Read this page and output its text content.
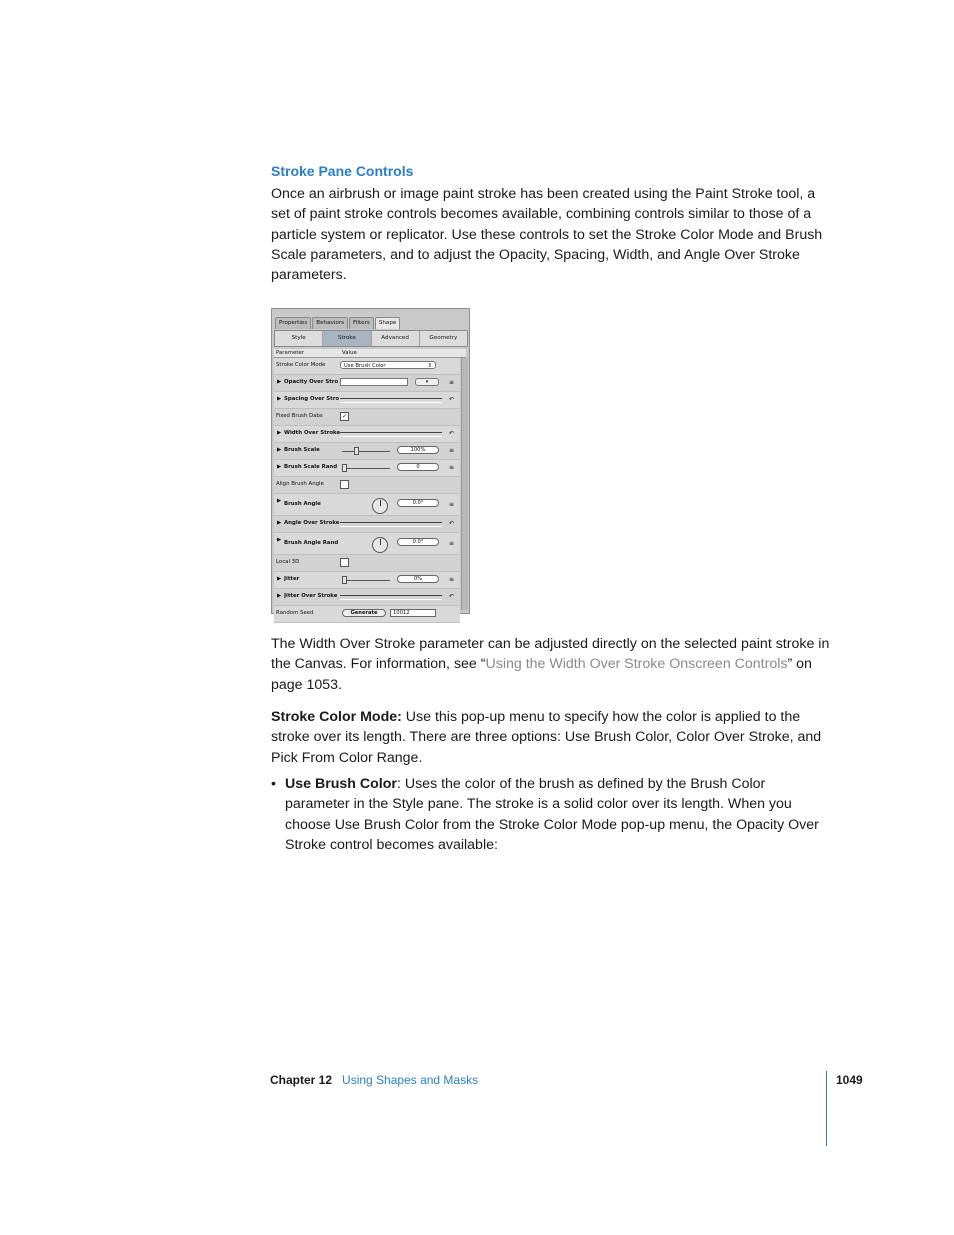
Stroke Pane Controls
Once an airbrush or image paint stroke has been created using the Paint Stroke tool, a set of paint stroke controls becomes available, combining controls similar to those of a particle system or replicator. Use these controls to set the Stroke Color Mode and Brush Scale parameters, and to adjust the Opacity, Spacing, Width, and Angle Over Stroke parameters.
Properties	Behaviors	Filters	Shape
Style	Stroke	Advanced	Geometry
Parameter	Value
Stroke Color Mode	Use Brush Color	⇕
▶ Opacity Over Stro	▾	≡
▶ Spacing Over Stro	↶
Fixed Brush Dabs	✓
▶ Width Over Stroke	↶
▶ Brush Scale	100%	≡
▶ Brush Scale Rand	0	≡
Align Brush Angle
▶ Brush Angle	0.0°	≡
▶ Angle Over Stroke	↶
▶ Brush Angle Rand	0.0°	≡
Local 3D
▶ Jitter	0%	≡
▶ Jitter Over Stroke	↶
Random Seed	Generate	10012
The Width Over Stroke parameter can be adjusted directly on the selected paint stroke in the Canvas. For information, see “Using the Width Over Stroke Onscreen Controls” on page 1053.
Stroke Color Mode: Use this pop-up menu to specify how the color is applied to the stroke over its length. There are three options: Use Brush Color, Color Over Stroke, and Pick From Color Range.
• Use Brush Color: Uses the color of the brush as defined by the Brush Color parameter in the Style pane. The stroke is a solid color over its length. When you choose Use Brush Color from the Stroke Color Mode pop-up menu, the Opacity Over Stroke control becomes available:
Chapter 12 Using Shapes and Masks	1049
